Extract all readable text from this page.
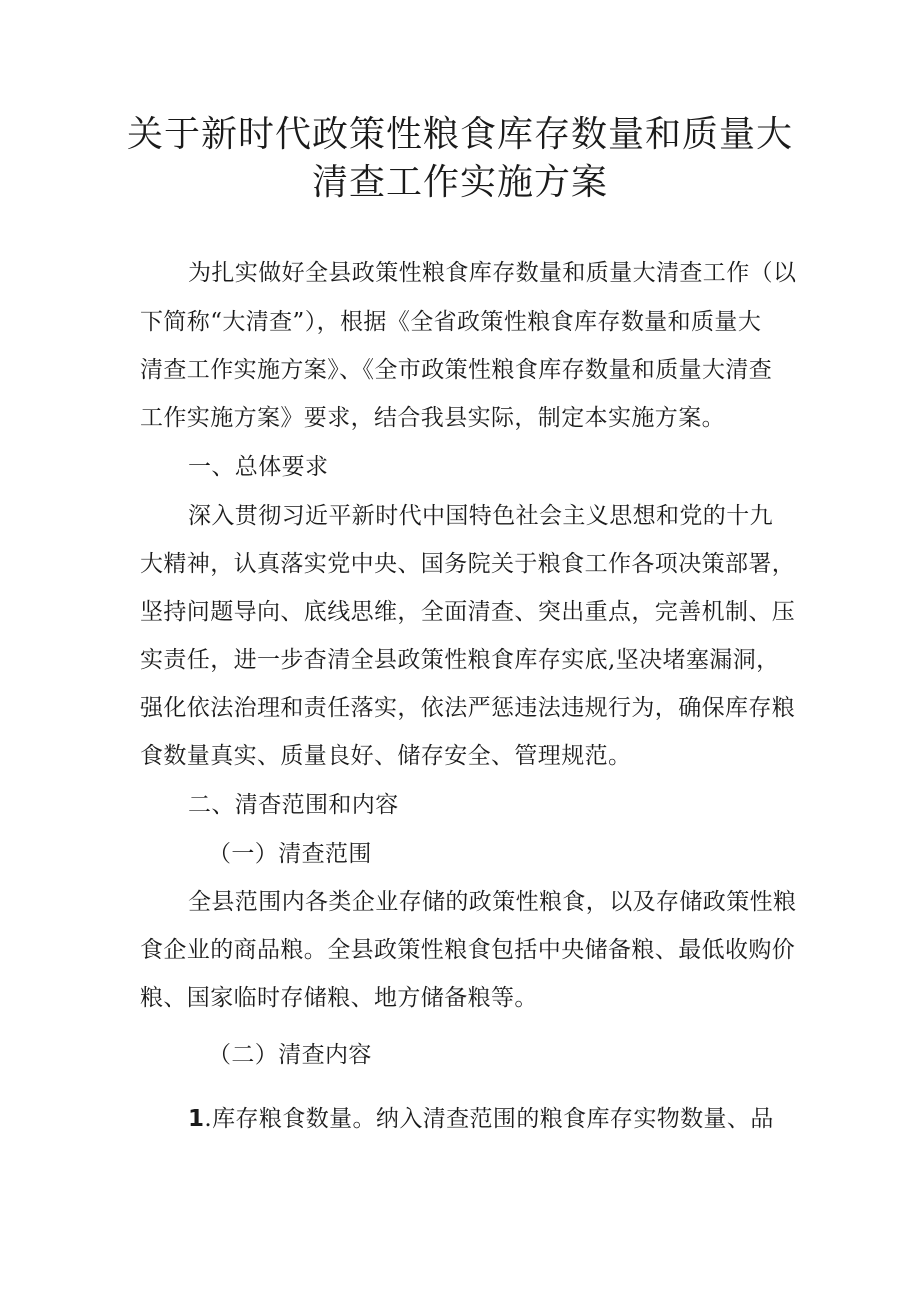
关于新时代政策性粮食库存数量和质量大
清查工作实施方案
为扎实做好全县政策性粮食库存数量和质量大清查工作（以
下简称“大清查”），根据《全省政策性粮食库存数量和质量大
清查工作实施方案》、《全市政策性粮食库存数量和质量大清查
工作实施方案》要求，结合我县实际，制定本实施方案。
一、总体要求
深入贯彻习近平新时代中国特色社会主义思想和党的十九
大精神，认真落实党中央、国务院关于粮食工作各项决策部署，
坚持问题导向、底线思维，全面清查、突出重点，完善机制、压
实责任，进一步杳清全县政策性粮食库存实底,坚决堵塞漏洞，
强化依法治理和责任落实，依法严惩违法违规行为，确保库存粮
食数量真实、质量良好、储存安全、管理规范。
二、清杳范围和内容
（一）清查范围
全县范围内各类企业存储的政策性粮食，以及存储政策性粮
食企业的商品粮。全县政策性粮食包括中央储备粮、最低收购价
粮、国家临时存储粮、地方储备粮等。
（二）清查内容
1.库存粮食数量。纳入清查范围的粮食库存实物数量、品
